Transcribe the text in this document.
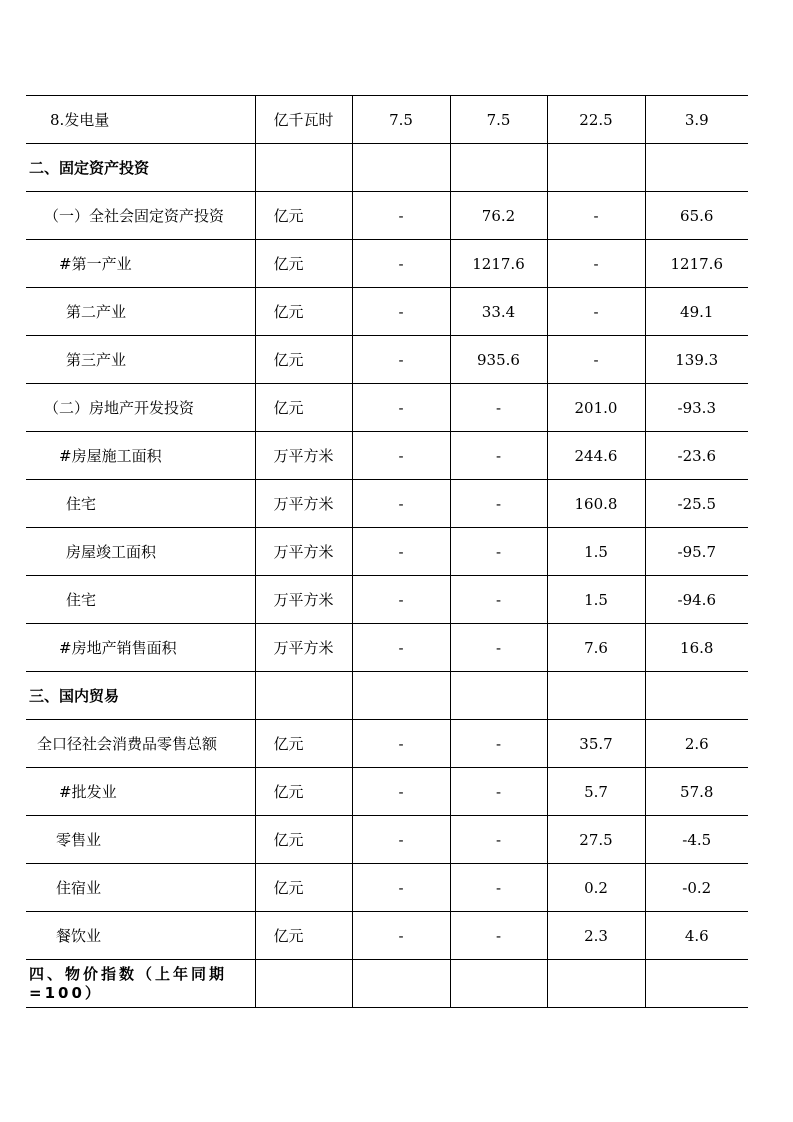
8.发电量	亿千瓦时	7.5	7.5	22.5	3.9
二、固定资产投资					
（一）全社会固定资产投资	亿元	-	76.2	-	65.6
#第一产业	亿元	-	1217.6	-	1217.6
第二产业	亿元	-	33.4	-	49.1
第三产业	亿元	-	935.6	-	139.3
（二）房地产开发投资	亿元	-	-	201.0	-93.3
#房屋施工面积	万平方米	-	-	244.6	-23.6
住宅	万平方米	-	-	160.8	-25.5
房屋竣工面积	万平方米	-	-	1.5	-95.7
住宅	万平方米	-	-	1.5	-94.6
#房地产销售面积	万平方米	-	-	7.6	16.8
三、国内贸易					
全口径社会消费品零售总额	亿元	-	-	35.7	2.6
#批发业	亿元	-	-	5.7	57.8
零售业	亿元	-	-	27.5	-4.5
住宿业	亿元	-	-	0.2	-0.2
餐饮业	亿元	-	-	2.3	4.6
四、物价指数（上年同期=100）					
